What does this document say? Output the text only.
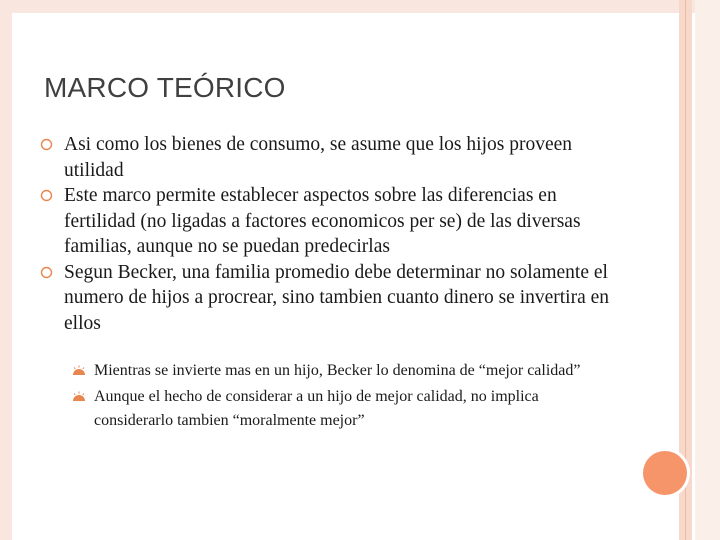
MARCO TEÓRICO
Asi como los bienes de consumo, se asume que los hijos proveen utilidad
Este marco permite establecer aspectos sobre las diferencias en fertilidad (no ligadas a factores economicos per se) de las diversas familias, aunque no se puedan predecirlas
Segun Becker, una familia promedio debe determinar no solamente el numero de hijos a procrear, sino tambien cuanto dinero se invertira en ellos
Mientras se invierte mas en un hijo, Becker lo denomina de “mejor calidad”
Aunque el hecho de considerar a un hijo de mejor calidad, no implica considerarlo tambien “moralmente mejor”
